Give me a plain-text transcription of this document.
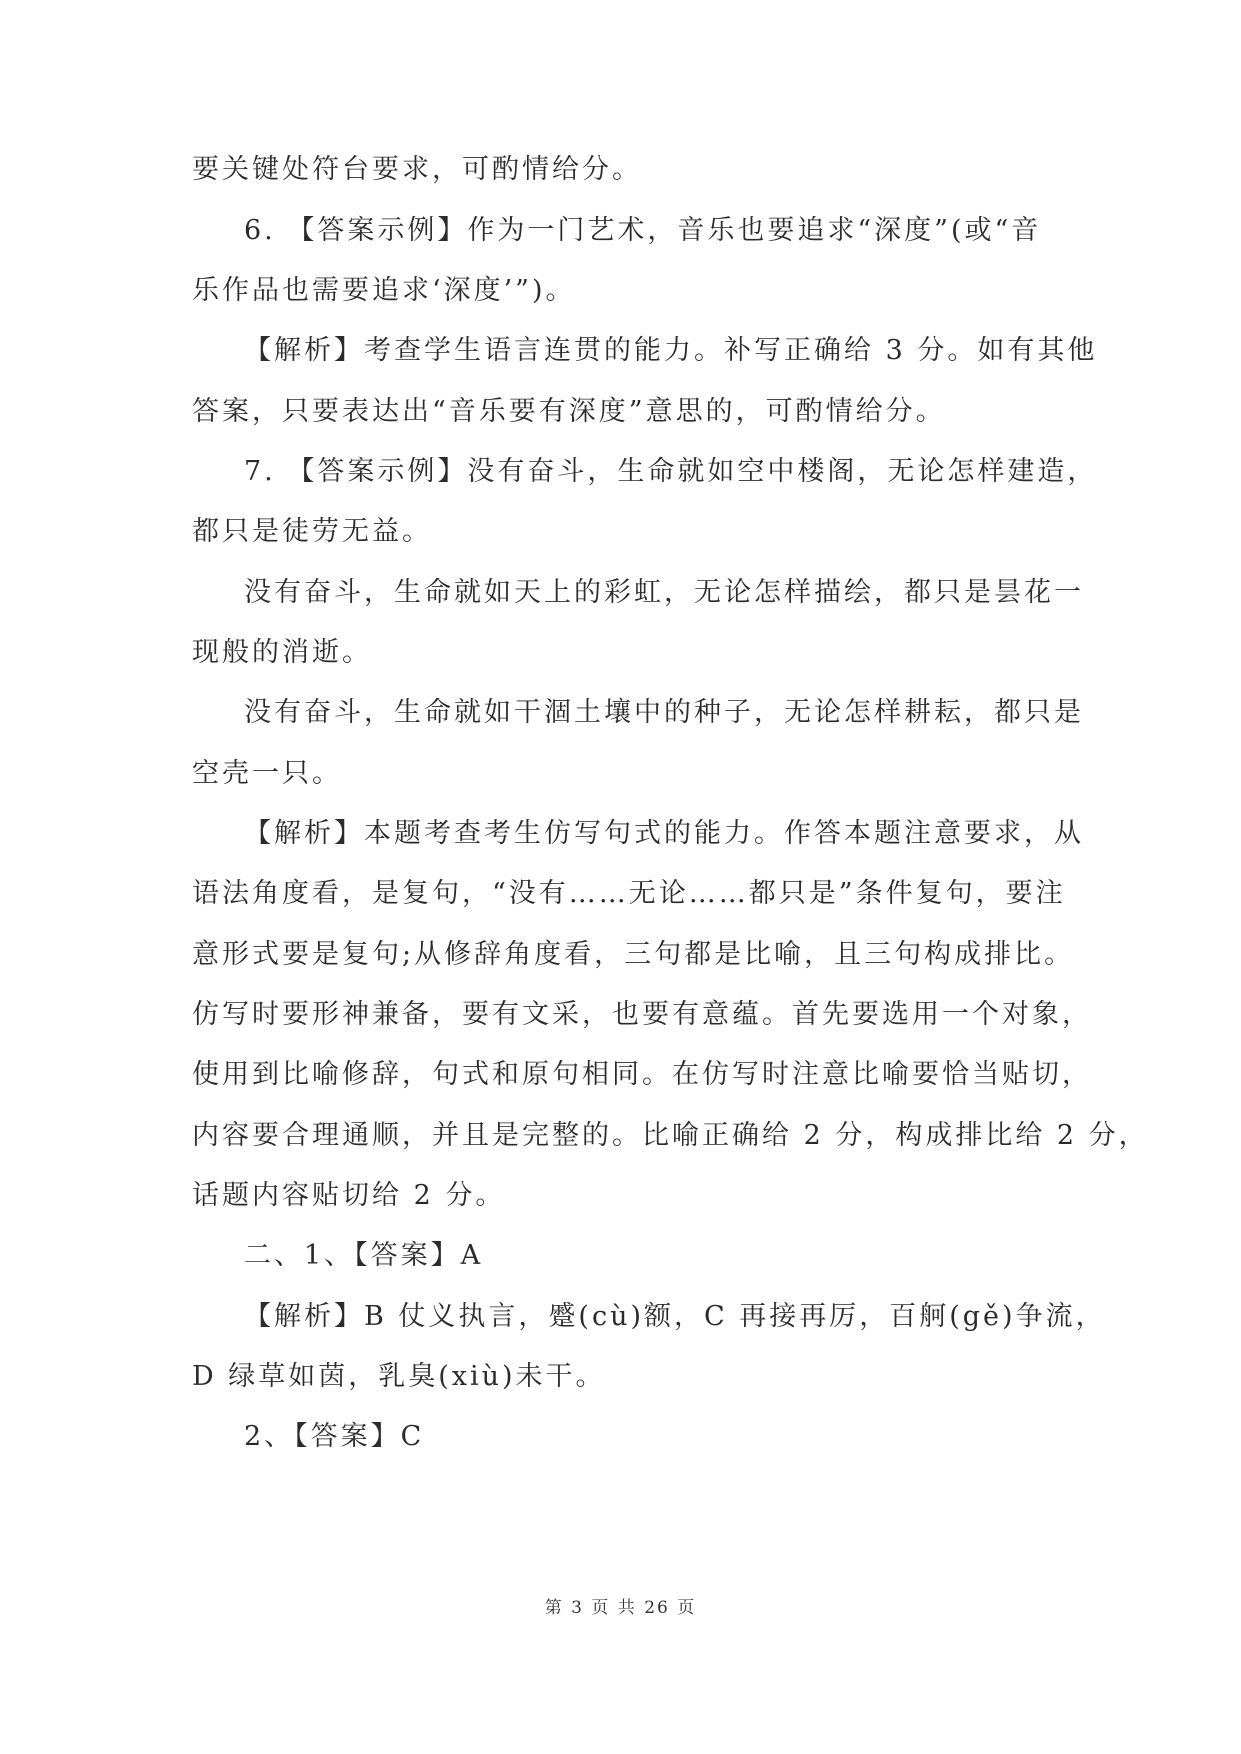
要关键处符台要求，可酌情给分。

6. 【答案示例】作为一门艺术，音乐也要追求“深度”(或“音

乐作品也需要追求‘深度’”)。

【解析】考查学生语言连贯的能力。补写正确给 3 分。如有其他

答案，只要表达出“音乐要有深度”意思的，可酌情给分。

7. 【答案示例】没有奋斗，生命就如空中楼阁，无论怎样建造，

都只是徒劳无益。

没有奋斗，生命就如天上的彩虹，无论怎样描绘，都只是昙花一

现般的消逝。

没有奋斗，生命就如干涸土壤中的种子，无论怎样耕耘，都只是

空壳一只。

【解析】本题考查考生仿写句式的能力。作答本题注意要求，从

语法角度看，是复句，“没有……无论……都只是”条件复句，要注

意形式要是复句;从修辞角度看，三句都是比喻，且三句构成排比。

仿写时要形神兼备，要有文采，也要有意蕴。首先要选用一个对象，

使用到比喻修辞，句式和原句相同。在仿写时注意比喻要恰当贴切，

内容要合理通顺，并且是完整的。比喻正确给 2 分，构成排比给 2 分，

话题内容贴切给 2 分。

二、1、【答案】A

【解析】B 仗义执言，蹙(cù)额，C 再接再厉，百舸(gě)争流，

D 绿草如茵，乳臭(xiù)未干。

2、【答案】C

第 3 页 共 26 页
